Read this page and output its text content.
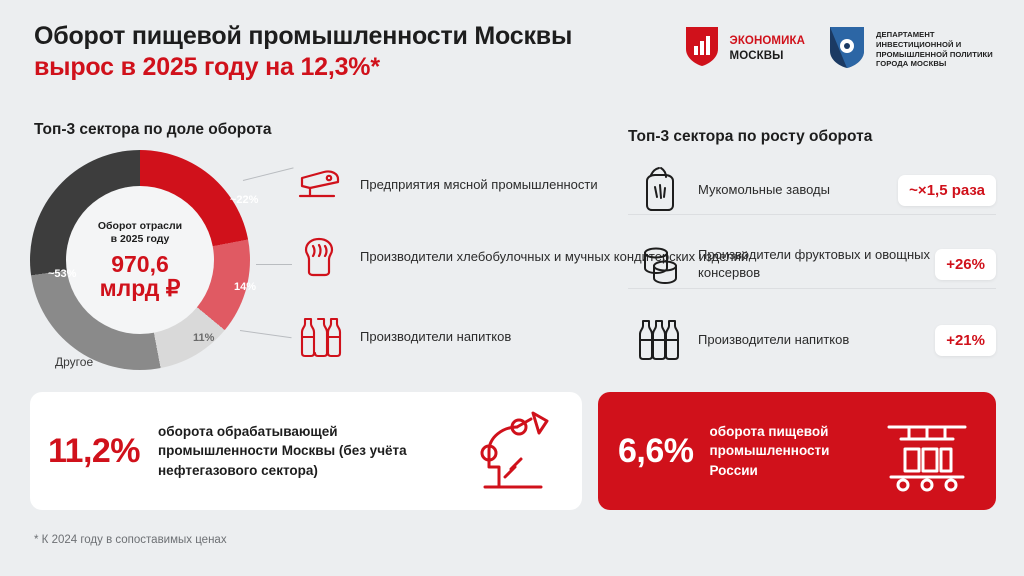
Оборот пищевой промышленности Москвы
вырос в 2025 году на 12,3%*
ЭКОНОМИКА
МОСКВЫ
ДЕПАРТАМЕНТ ИНВЕСТИЦИОННОЙ И ПРОМЫШЛЕННОЙ ПОЛИТИКИ ГОРОДА МОСКВЫ
Топ-3 сектора по доле оборота
Оборот отрасли
в 2025 году
970,6
млрд ₽
~22%
14%
11%
~53%
Другое
Предприятия мясной промышленности
Производители хлебобулочных и мучных кондитерских изделий
Производители напитков
Топ-3 сектора по росту оборота
Мукомольные заводы	~×1,5 раза
Производители фруктовых и овощных консервов	+26%
Производители напитков	+21%
11,2% оборота обрабатывающей промышленности Москвы (без учёта нефтегазового сектора)
6,6% оборота пищевой промышленности России
* К 2024 году в сопоставимых ценах
